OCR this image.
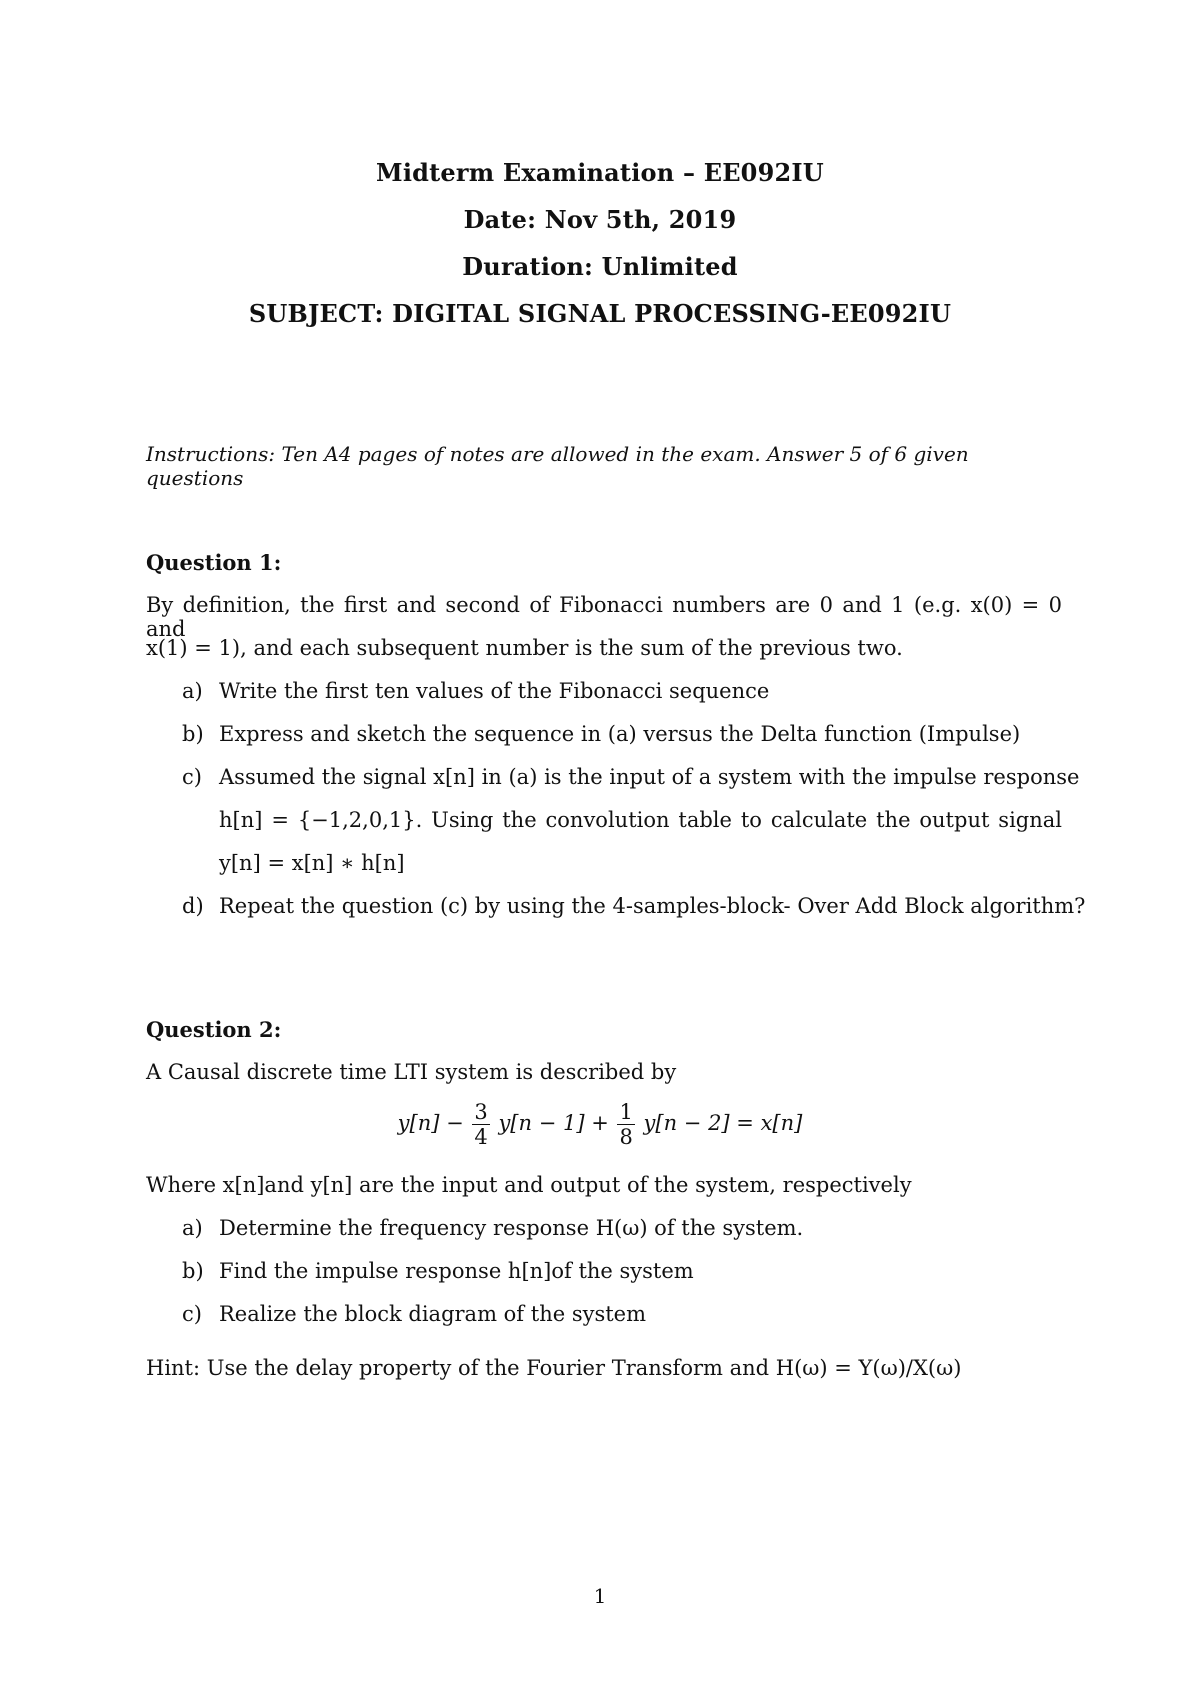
Midterm Examination – EE092IU
Date: Nov 5th, 2019
Duration: Unlimited
SUBJECT: DIGITAL SIGNAL PROCESSING-EE092IU
Instructions: Ten A4 pages of notes are allowed in the exam. Answer 5 of 6 given questions
Question 1:
By definition, the first and second of Fibonacci numbers are 0 and 1 (e.g. x(0) = 0 and
x(1) = 1), and each subsequent number is the sum of the previous two.
a) Write the first ten values of the Fibonacci sequence
b) Express and sketch the sequence in (a) versus the Delta function (Impulse)
c) Assumed the signal x[n] in (a) is the input of a system with the impulse response
h[n] = {−1,2,0,1}. Using the convolution table to calculate the output signal
y[n] = x[n] ∗ h[n]
d) Repeat the question (c) by using the 4-samples-block- Over Add Block algorithm?
Question 2:
A Causal discrete time LTI system is described by
$y[n] - \frac{3}{4} y[n - 1] + \frac{1}{8} y[n - 2] = x[n]$
Where x[n]and y[n] are the input and output of the system, respectively
a) Determine the frequency response H(ω) of the system.
b) Find the impulse response h[n]of the system
c) Realize the block diagram of the system
Hint: Use the delay property of the Fourier Transform and H(ω) = Y(ω)/X(ω)
1
